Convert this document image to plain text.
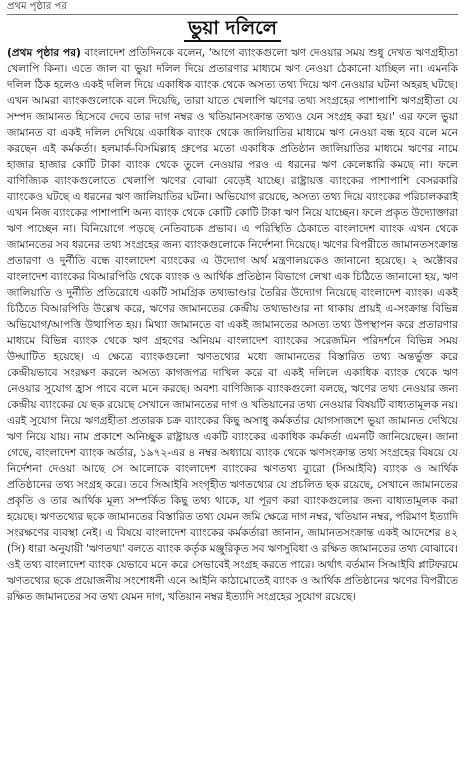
প্রথম পৃষ্ঠার পর
ভুয়া দলিলে
(প্রথম পৃষ্ঠার পর) বাংলাদেশ প্রতিদিনকে বলেন, 'আগে ব্যাংকগুলো ঋণ দেওয়ার সময় শুধু দেখত ঋণগ্রহীতা খেলাপি কিনা। এতে জাল বা ভুয়া দলিল দিয়ে প্রতারণার মাধ্যমে ঋণ নেওয়া ঠেকানো যাচ্ছিল না। এমনকি দলিল ঠিক হলেও একই দলিল দিয়ে একাধিক ব্যাংক থেকে অসত্য তথ্য দিয়ে ঋণ নেওয়ার ঘটনা অহরহ ঘটছে। এখন আমরা ব্যাংকগুলোকে বলে দিয়েছি, তারা যাতে খেলাপি ঋণের তথ্য সংগ্রহের পাশাপাশি ঋণগ্রহীতা যে সম্পদ জামানত হিসেবে দেবে তার দাগ নম্বর ও খতিয়ানসংক্রান্ত তথ্যও যেন সংগ্রহ করা হয়।' এর ফলে ভুয়া জামানত বা একই দলিল দেখিয়ে একাধিক ব্যাংক থেকে জালিয়াতির মাধ্যমে ঋণ নেওয়া বন্ধ হবে বলে মনে করছেন এই কর্মকর্তা। হলমার্ক-বিসমিল্লাহ গ্রুপের মতো একাধিক প্রতিষ্ঠান জালিয়াতির মাধ্যমে ঋণের নামে হাজার হাজার কোটি টাকা ব্যাংক থেকে তুলে নেওয়ার পরও এ ধরনের ঋণ কেলেঙ্কারি কমছে না। ফলে বাণিজ্যিক ব্যাংকগুলোতে খেলাপি ঋণের বোঝা বেড়েই যাচ্ছে। রাষ্ট্রায়ত্ত ব্যাংকের পাশাপাশি বেসরকারি ব্যাংকেও ঘটছে এ ধরনের ঋণ জালিয়াতির ঘটনা। অভিযোগ রয়েছে, অসত্য তথ্য দিয়ে ব্যাংকের পরিচালকরাই এখন নিজ ব্যাংকের পাশাপাশি অন্য ব্যাংক থেকে কোটি কোটি টাকা ঋণ নিয়ে যাচ্ছেন। ফলে প্রকৃত উদ্যোক্তারা ঋণ পাচ্ছেন না। বিনিয়োগে পড়ছে নেতিবাচক প্রভাব। এ পরিস্থিতি ঠেকাতে বাংলাদেশ ব্যাংক এখন থেকে জামানতের সব ধরনের তথ্য সংগ্রহের জন্য ব্যাংকগুলোকে নির্দেশনা দিয়েছে। ঋণের বিপরীতে জামানতসংক্রান্ত প্রতারণা ও দুর্নীতি বন্ধে বাংলাদেশ ব্যাংকের এ উদ্যোগ অর্থ মন্ত্রণালয়কেও জানানো হয়েছে। ২ অক্টোবর বাংলাদেশ ব্যাংকের বিআরপিডি থেকে ব্যাংক ও আর্থিক প্রতিষ্ঠান বিভাগে লেখা এক চিঠিতে জানানো হয়, ঋণ জালিয়াতি ও দুর্নীতি প্রতিরোধে একটি সামগ্রিক তথ্যভাণ্ডার তৈরির উদ্যোগ নিয়েছে বাংলাদেশ ব্যাংক। একই চিঠিতে বিআরপিডি উল্লেখ করে, ঋণের জামানতের কেন্দ্রীয় তথ্যভাণ্ডার না থাকায় প্রায়ই এ-সংক্রান্ত বিভিন্ন অভিযোগ/আপত্তি উত্থাপিত হয়। মিথ্যা জামানতে বা একই জামানতের অসত্য তথ্য উপস্থাপন করে প্রতারণার মাধ্যমে বিভিন্ন ব্যাংক থেকে ঋণ গ্রহণের অনিয়ম বাংলাদেশ ব্যাংকের সরেজমিন পরিদর্শনে বিভিন্ন সময় উদ্ঘাটিত হয়েছে। এ ক্ষেত্রে ব্যাংকগুলো ঋণতথ্যের মধ্যে জামানতের বিস্তারিত তথ্য অন্তর্ভুক্ত করে কেন্দ্রীয়ভাবে সংরক্ষণ করলে অসত্য কাগজপত্র দাখিল করে বা একই দলিলে একাধিক ব্যাংক থেকে ঋণ নেওয়ার সুযোগ হ্রাস পাবে বলে মনে করছে। অবশ্য বাণিজ্যিক ব্যাংকগুলো বলছে, ঋণের তথ্য নেওয়ার জন্য কেন্দ্রীয় ব্যাংকের যে ছক রয়েছে সেখানে জামানতের দাগ ও খতিয়ানের তথ্য নেওয়ার বিষয়টি বাধ্যতামূলক নয়। এরই সুযোগ নিয়ে ঋণগ্রহীতা প্রতারক চক্র ব্যাংকের কিছু অসাধু কর্মকর্তার যোগসাজশে ভুয়া জামানত দেখিয়ে ঋণ নিয়ে যায়। নাম প্রকাশে অনিচ্ছুক রাষ্ট্রায়ত্ত একটি ব্যাংকের একাধিক কর্মকর্তা এমনটি জানিয়েছেন। জানা গেছে, বাংলাদেশ ব্যাংক অর্ডার, ১৯৭২-এর ৪ নম্বর অধ্যায়ে ব্যাংক থেকে ঋণসংক্রান্ত তথ্য সংগ্রহের বিষয়ে যে নির্দেশনা দেওয়া আছে সে আলোকে বাংলাদেশ ব্যাংকের ঋণতথ্য ব্যুরো (সিআইবি) ব্যাংক ও আর্থিক প্রতিষ্ঠানের তথ্য সংগ্রহ করে। তবে সিআইবি সংগৃহীত ঋণতথ্যের যে প্রচলিত ছক রয়েছে, সেখানে জামানতের প্রকৃতি ও তার আর্থিক মূল্য সম্পর্কিত কিছু তথ্য থাকে, যা পূরণ করা ব্যাংকগুলোর জন্য বাধ্যতামূলক করা হয়েছে। ঋণতথ্যের ছকে জামানতের বিস্তারিত তথ্য যেমন জমি ক্ষেত্রে দাগ নম্বর, খতিয়ান নম্বর, পরিমাণ ইত্যাদি সংরক্ষণের ব্যবস্থা নেই। এ বিষয়ে বাংলাদেশ ব্যাংকের কর্মকর্তারা জানান, জামানতসংক্রান্ত একই আদেশের ৪২ (সি) ধারা অনুযায়ী 'ঋণতথ্য' বলতে ব্যাংক কর্তৃক মঞ্জুরিকৃত সব ঋণসুবিধা ও রক্ষিত জামানতের তথ্য বোঝাবে। ওই তথ্য বাংলাদেশ ব্যাংক যেভাবে মনে করে সেভাবেই সংগ্রহ করতে পারে। অর্থাৎ বর্তমান সিআইবি প্লাটফরমে ঋণতথ্যের ছকে প্রয়োজনীয় সংশোধনী এনে আইনি কাঠামোতেই ব্যাংক ও আর্থিক প্রতিষ্ঠানের ঋণের বিপরীতে রক্ষিত জামানতের সব তথ্য যেমন দাগ, খতিয়ান নম্বর ইত্যাদি সংগ্রহের সুযোগ রয়েছে।
